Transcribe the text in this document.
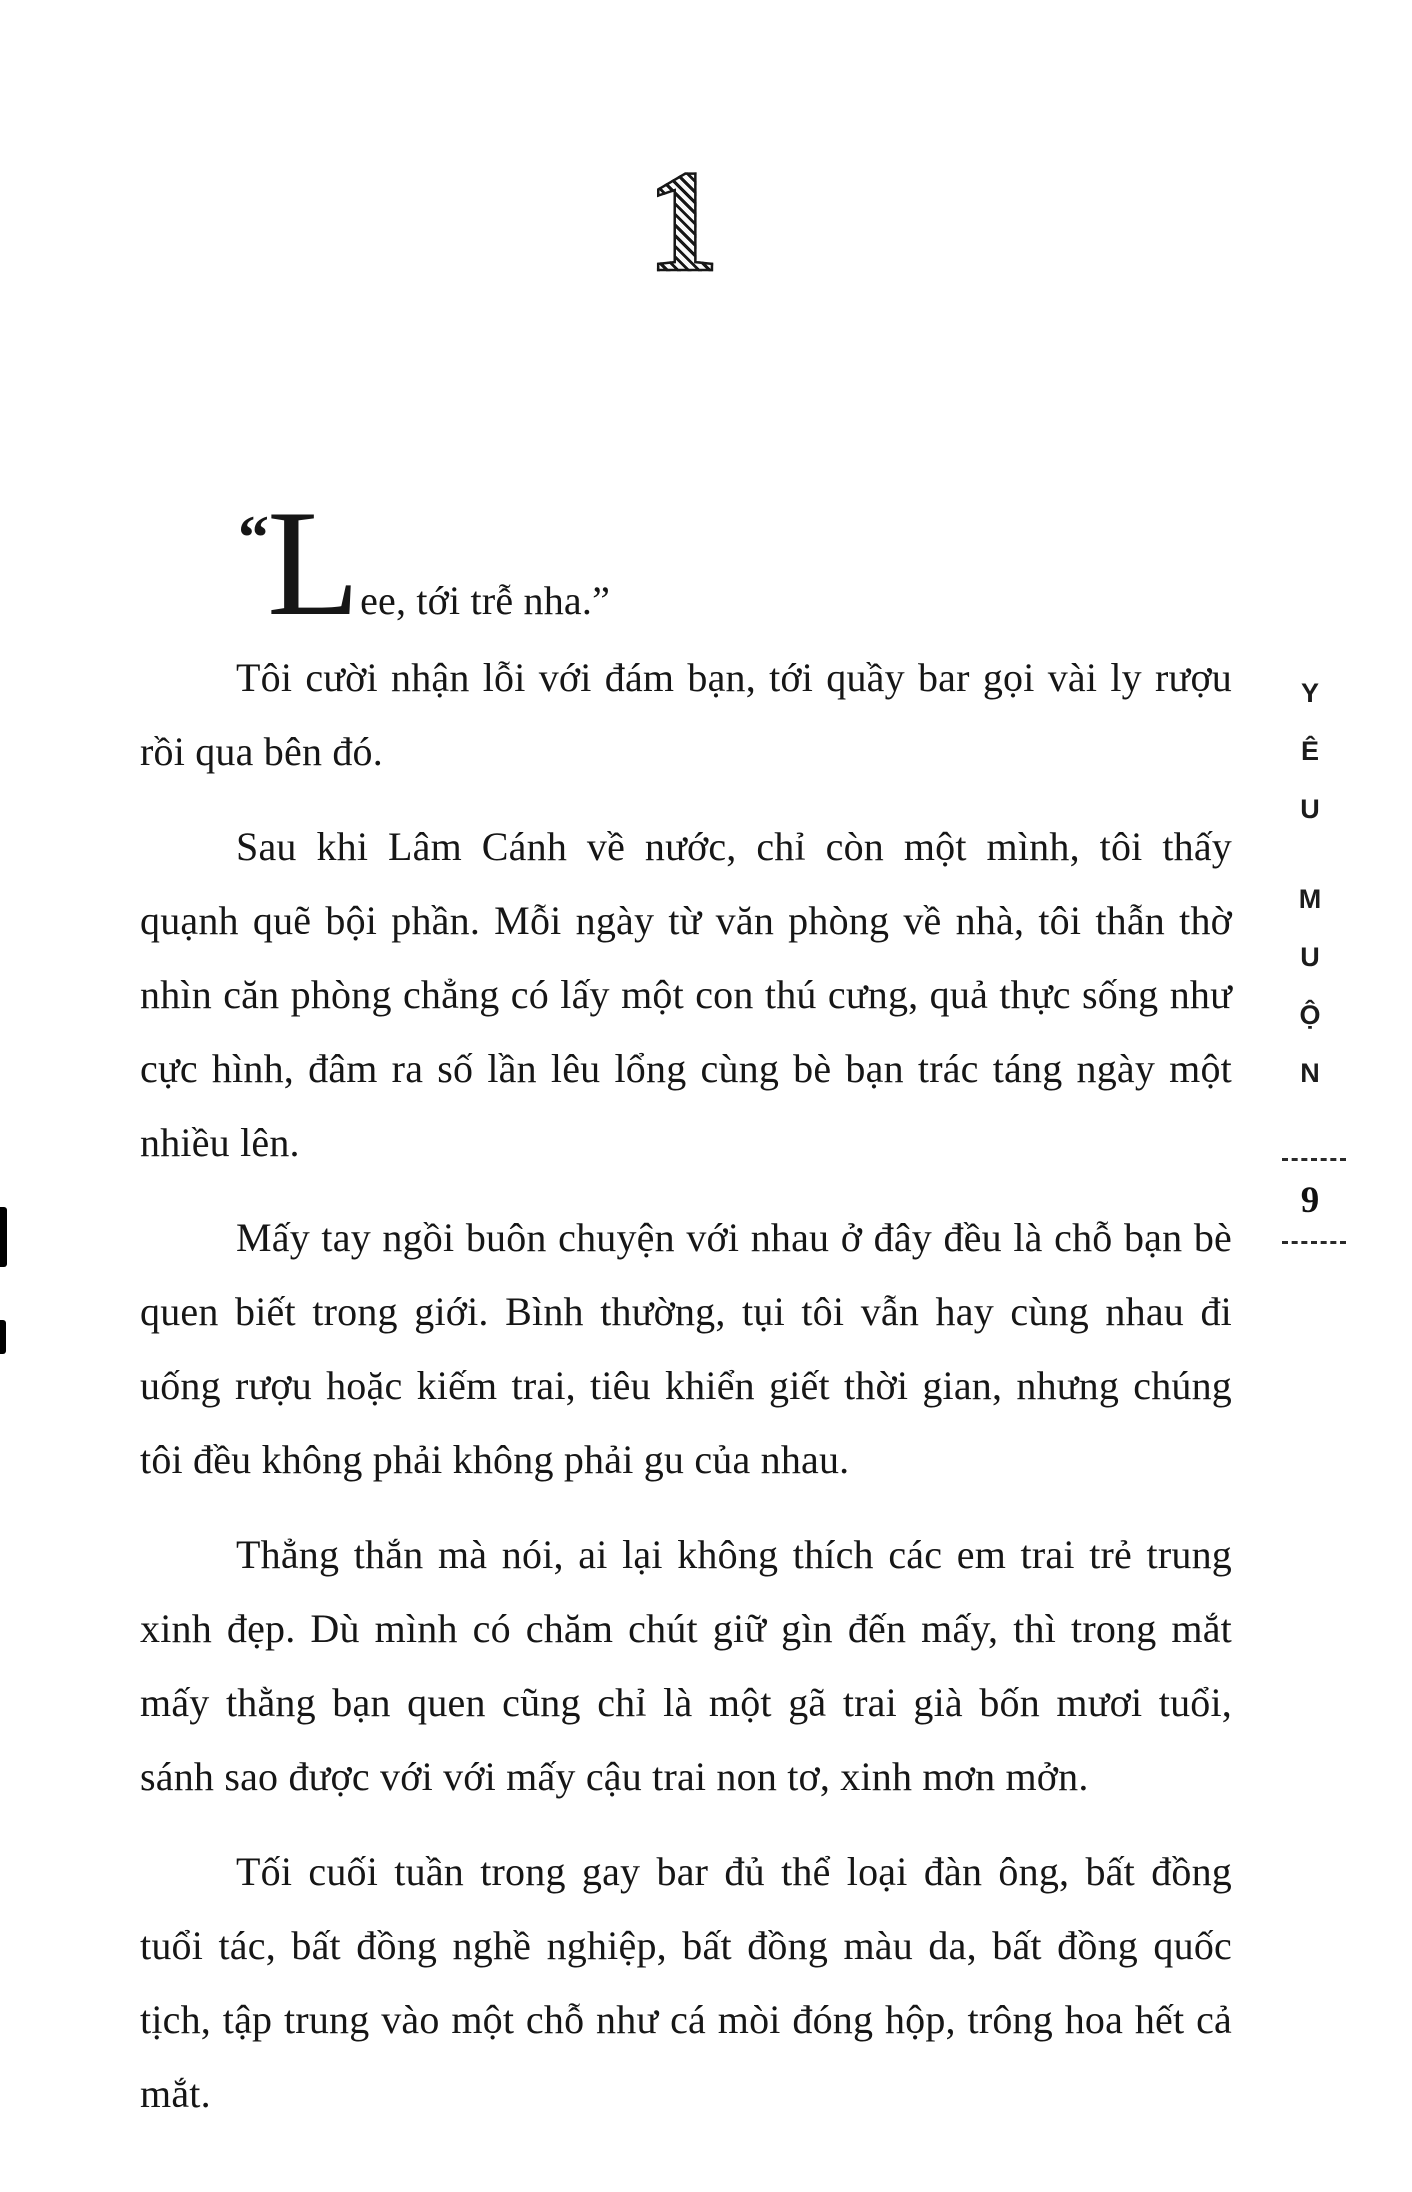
1

“Lee, tới trễ nha.”

Tôi cười nhận lỗi với đám bạn, tới quầy bar gọi vài ly rượu rồi qua bên đó.

Sau khi Lâm Cánh về nước, chỉ còn một mình, tôi thấy quạnh quẽ bội phần. Mỗi ngày từ văn phòng về nhà, tôi thẫn thờ nhìn căn phòng chẳng có lấy một con thú cưng, quả thực sống như cực hình, đâm ra số lần lêu lổng cùng bè bạn trác táng ngày một nhiều lên.

Mấy tay ngồi buôn chuyện với nhau ở đây đều là chỗ bạn bè quen biết trong giới. Bình thường, tụi tôi vẫn hay cùng nhau đi uống rượu hoặc kiếm trai, tiêu khiển giết thời gian, nhưng chúng tôi đều không phải không phải gu của nhau.

Thẳng thắn mà nói, ai lại không thích các em trai trẻ trung xinh đẹp. Dù mình có chăm chút giữ gìn đến mấy, thì trong mắt mấy thằng bạn quen cũng chỉ là một gã trai già bốn mươi tuổi, sánh sao được với với mấy cậu trai non tơ, xinh mơn mởn.

Tối cuối tuần trong gay bar đủ thể loại đàn ông, bất đồng tuổi tác, bất đồng nghề nghiệp, bất đồng màu da, bất đồng quốc tịch, tập trung vào một chỗ như cá mòi đóng hộp, trông hoa hết cả mắt.

Y
Ê
U
M
U
Ộ
N
9
